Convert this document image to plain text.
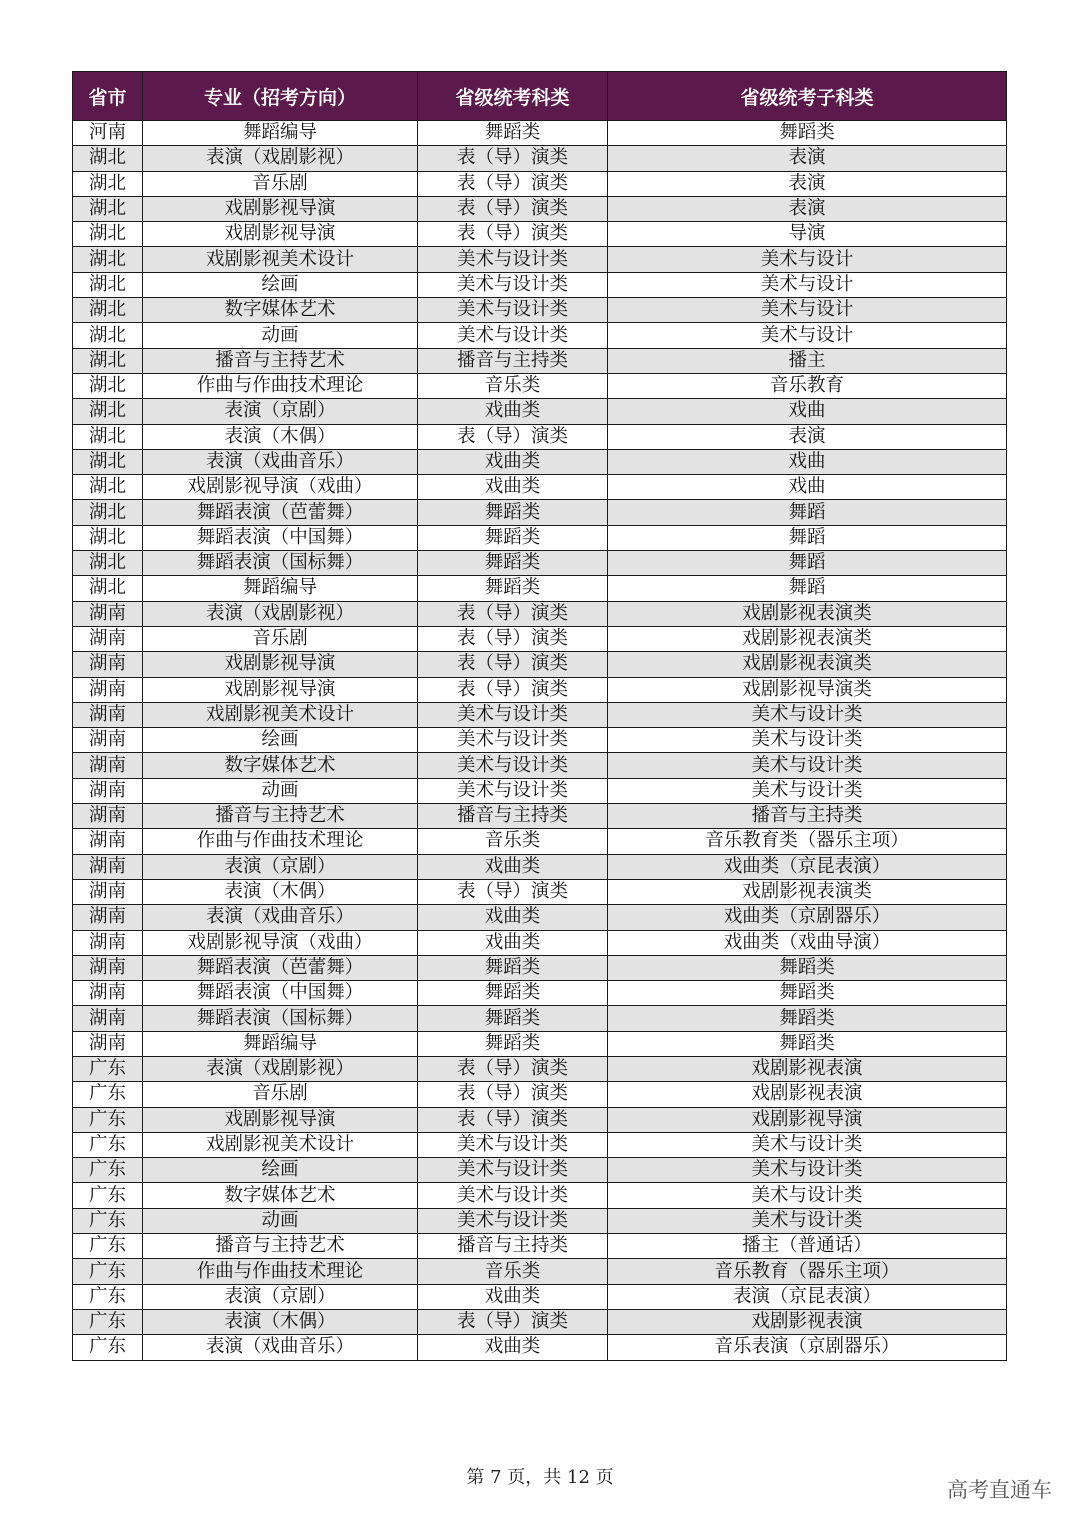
省市	专业（招考方向）	省级统考科类	省级统考子科类
河南	舞蹈编导	舞蹈类	舞蹈类
湖北	表演（戏剧影视）	表（导）演类	表演
湖北	音乐剧	表（导）演类	表演
湖北	戏剧影视导演	表（导）演类	表演
湖北	戏剧影视导演	表（导）演类	导演
湖北	戏剧影视美术设计	美术与设计类	美术与设计
湖北	绘画	美术与设计类	美术与设计
湖北	数字媒体艺术	美术与设计类	美术与设计
湖北	动画	美术与设计类	美术与设计
湖北	播音与主持艺术	播音与主持类	播主
湖北	作曲与作曲技术理论	音乐类	音乐教育
湖北	表演（京剧）	戏曲类	戏曲
湖北	表演（木偶）	表（导）演类	表演
湖北	表演（戏曲音乐）	戏曲类	戏曲
湖北	戏剧影视导演（戏曲）	戏曲类	戏曲
湖北	舞蹈表演（芭蕾舞）	舞蹈类	舞蹈
湖北	舞蹈表演（中国舞）	舞蹈类	舞蹈
湖北	舞蹈表演（国标舞）	舞蹈类	舞蹈
湖北	舞蹈编导	舞蹈类	舞蹈
湖南	表演（戏剧影视）	表（导）演类	戏剧影视表演类
湖南	音乐剧	表（导）演类	戏剧影视表演类
湖南	戏剧影视导演	表（导）演类	戏剧影视表演类
湖南	戏剧影视导演	表（导）演类	戏剧影视导演类
湖南	戏剧影视美术设计	美术与设计类	美术与设计类
湖南	绘画	美术与设计类	美术与设计类
湖南	数字媒体艺术	美术与设计类	美术与设计类
湖南	动画	美术与设计类	美术与设计类
湖南	播音与主持艺术	播音与主持类	播音与主持类
湖南	作曲与作曲技术理论	音乐类	音乐教育类（器乐主项）
湖南	表演（京剧）	戏曲类	戏曲类（京昆表演）
湖南	表演（木偶）	表（导）演类	戏剧影视表演类
湖南	表演（戏曲音乐）	戏曲类	戏曲类（京剧器乐）
湖南	戏剧影视导演（戏曲）	戏曲类	戏曲类（戏曲导演）
湖南	舞蹈表演（芭蕾舞）	舞蹈类	舞蹈类
湖南	舞蹈表演（中国舞）	舞蹈类	舞蹈类
湖南	舞蹈表演（国标舞）	舞蹈类	舞蹈类
湖南	舞蹈编导	舞蹈类	舞蹈类
广东	表演（戏剧影视）	表（导）演类	戏剧影视表演
广东	音乐剧	表（导）演类	戏剧影视表演
广东	戏剧影视导演	表（导）演类	戏剧影视导演
广东	戏剧影视美术设计	美术与设计类	美术与设计类
广东	绘画	美术与设计类	美术与设计类
广东	数字媒体艺术	美术与设计类	美术与设计类
广东	动画	美术与设计类	美术与设计类
广东	播音与主持艺术	播音与主持类	播主（普通话）
广东	作曲与作曲技术理论	音乐类	音乐教育（器乐主项）
广东	表演（京剧）	戏曲类	表演（京昆表演）
广东	表演（木偶）	表（导）演类	戏剧影视表演
广东	表演（戏曲音乐）	戏曲类	音乐表演（京剧器乐）
第 7 页，共 12 页
高考直通车
